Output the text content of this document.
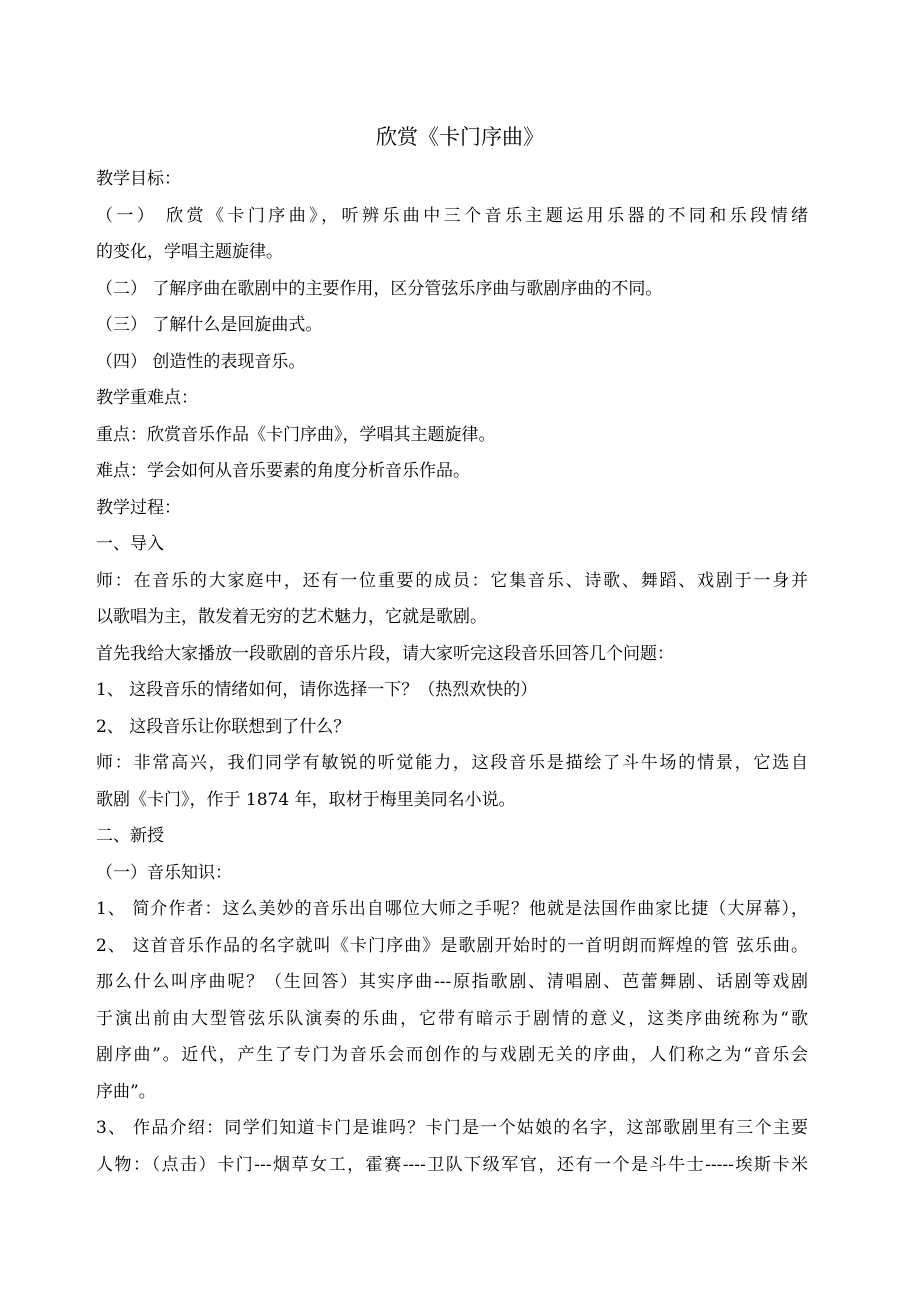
欣赏《卡门序曲》
教学目标：
（一） 欣赏《卡门序曲》，听辨乐曲中三个音乐主题运用乐器的不同和乐段情绪
的变化，学唱主题旋律。
（二） 了解序曲在歌剧中的主要作用，区分管弦乐序曲与歌剧序曲的不同。
（三） 了解什么是回旋曲式。
（四） 创造性的表现音乐。
教学重难点：
重点：欣赏音乐作品《卡门序曲》，学唱其主题旋律。
难点：学会如何从音乐要素的角度分析音乐作品。
教学过程：
一、导入
师：在音乐的大家庭中，还有一位重要的成员：它集音乐、诗歌、舞蹈、戏剧于一身并
以歌唱为主，散发着无穷的艺术魅力，它就是歌剧。
首先我给大家播放一段歌剧的音乐片段，请大家听完这段音乐回答几个问题：
1、 这段音乐的情绪如何，请你选择一下？（热烈欢快的）
2、 这段音乐让你联想到了什么？
师：非常高兴，我们同学有敏锐的听觉能力，这段音乐是描绘了斗牛场的情景，它选自
歌剧《卡门》，作于 1874 年，取材于梅里美同名小说。
二、新授
（一）音乐知识：
1、 简介作者：这么美妙的音乐出自哪位大师之手呢？他就是法国作曲家比捷（大屏幕），
2、 这首音乐作品的名字就叫《卡门序曲》是歌剧开始时的一首明朗而辉煌的管 弦乐曲。
那么什么叫序曲呢？（生回答）其实序曲---原指歌剧、清唱剧、芭蕾舞剧、话剧等戏剧
于演出前由大型管弦乐队演奏的乐曲，它带有暗示于剧情的意义，这类序曲统称为“歌
剧序曲”。近代，产生了专门为音乐会而创作的与戏剧无关的序曲，人们称之为“音乐会
序曲”。
3、 作品介绍：同学们知道卡门是谁吗？卡门是一个姑娘的名字，这部歌剧里有三个主要
人物：（点击）卡门---烟草女工，霍赛----卫队下级军官，还有一个是斗牛士-----埃斯卡米
